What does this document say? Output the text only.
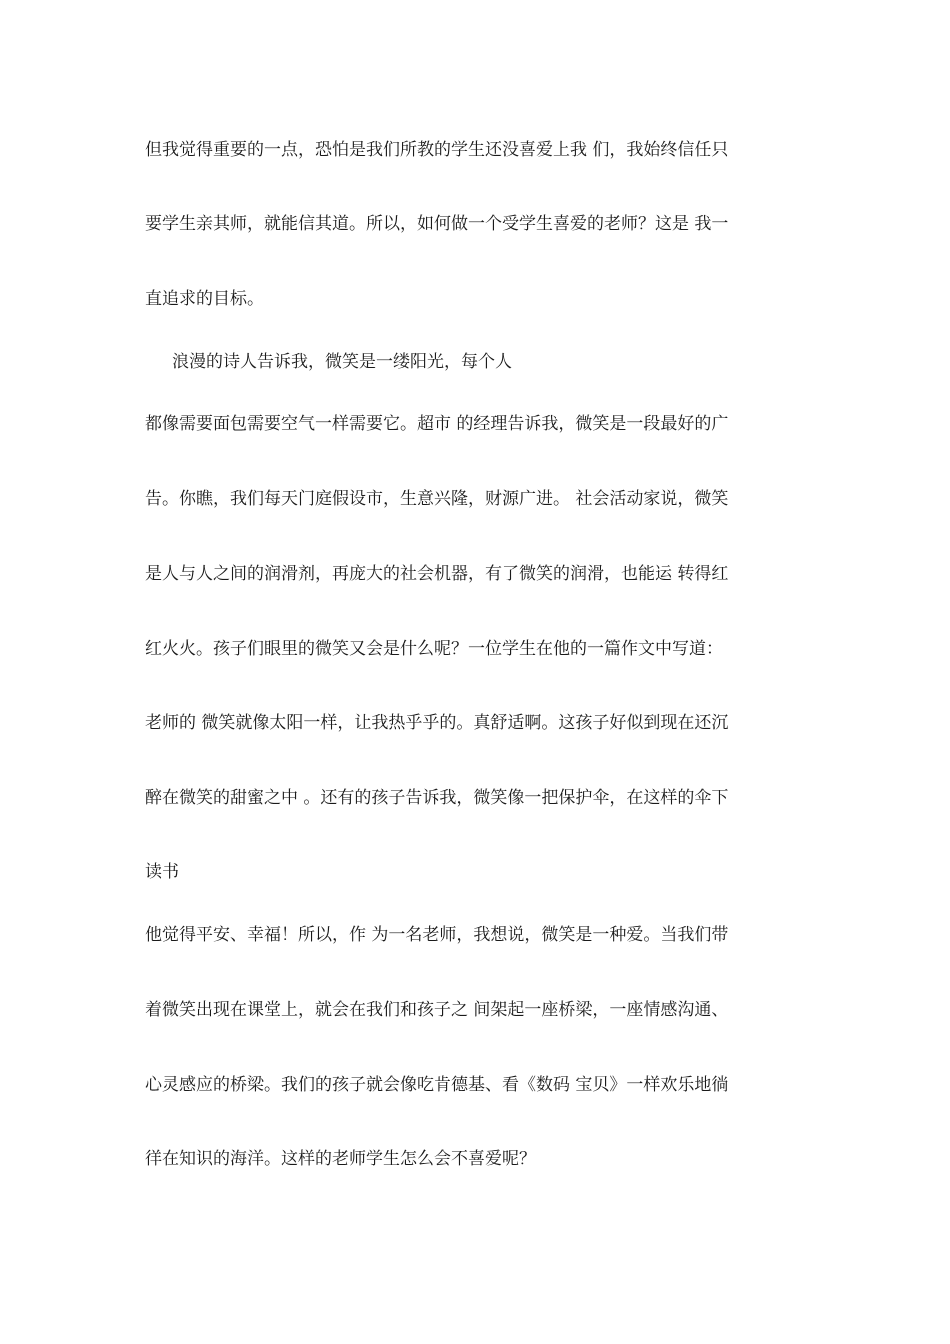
但我觉得重要的一点，恐怕是我们所教的学生还没喜爱上我 们，我始终信任只

要学生亲其师，就能信其道。所以，如何做一个受学生喜爱的老师？这是 我一

直追求的目标。

浪漫的诗人告诉我，微笑是一缕阳光，每个人

都像需要面包需要空气一样需要它。超市 的经理告诉我，微笑是一段最好的广

告。你瞧，我们每天门庭假设市，生意兴隆，财源广进。 社会活动家说，微笑

是人与人之间的润滑剂，再庞大的社会机器，有了微笑的润滑，也能运 转得红

红火火。孩子们眼里的微笑又会是什么呢？一位学生在他的一篇作文中写道：

老师的 微笑就像太阳一样，让我热乎乎的。真舒适啊。这孩子好似到现在还沉

醉在微笑的甜蜜之中 。还有的孩子告诉我，微笑像一把保护伞，在这样的伞下

读书

他觉得平安、幸福！所以，作 为一名老师，我想说，微笑是一种爱。当我们带

着微笑出现在课堂上，就会在我们和孩子之 间架起一座桥梁，一座情感沟通、

心灵感应的桥梁。我们的孩子就会像吃肯德基、看《数码 宝贝》一样欢乐地徜

徉在知识的海洋。这样的老师学生怎么会不喜爱呢？
